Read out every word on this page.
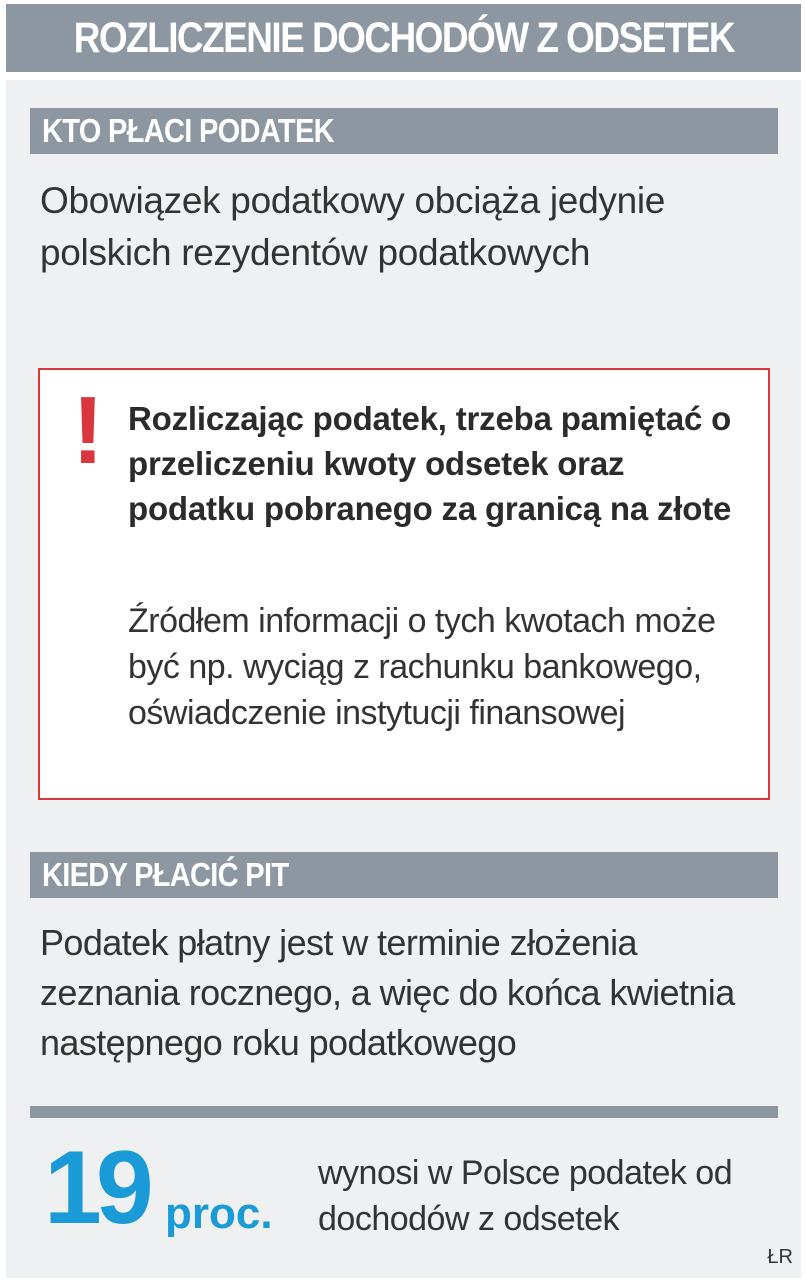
ROZLICZENIE DOCHODÓW Z ODSETEK
KTO PŁACI PODATEK

Obowiązek podatkowy obciąża jedynie polskich rezydentów podatkowych

! Rozliczając podatek, trzeba pamiętać o przeliczeniu kwoty odsetek oraz podatku pobranego za granicą na złote

Źródłem informacji o tych kwotach może być np. wyciąg z rachunku bankowego, oświadczenie instytucji finansowej

KIEDY PŁACIĆ PIT

Podatek płatny jest w terminie złożenia zeznania rocznego, a więc do końca kwietnia następnego roku podatkowego

19 proc.

wynosi w Polsce podatek od dochodów z odsetek

ŁR
